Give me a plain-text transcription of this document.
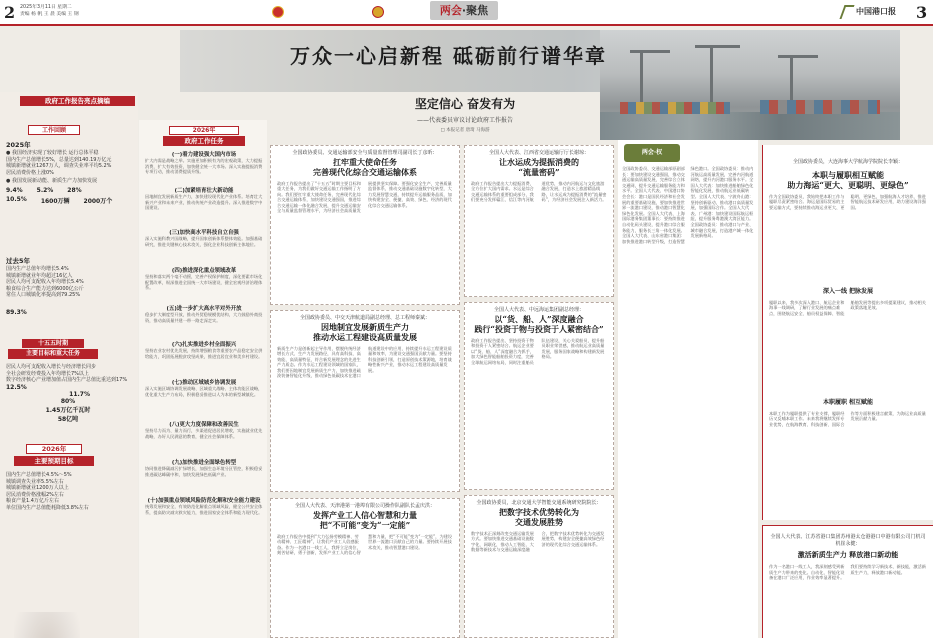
2 2025年3月11日 星期二
责编 杨 帆 王 晨 美编 王 钢	两会·聚焦	中国港口报 3
万众一心启新程 砥砺前行谱华章
政府工作报告亮点摘编
工作回顾
2025年
● 我国经济实现了较好增长 运行总体平稳
国内生产总值增长5%，总量达到140.19万亿元
城镇新增就业1267万人，调查失业率平均5.2%
居民消费价格上涨0%
● 我国发展新动能、新质生产力加快发展
9.4% 5.2% 28%
10.5% 1600万辆 2000万个
过去5年
国内生产总值年均增长5.4%
城镇新增就业年均超过16亿人
居民人均可支配收入年均增长5.4%
粮食综合生产能力达到6000亿公斤
常住人口城镇化率提高到79.25%
89.3%
十五五时期
主要目标和重大任务
居民人均可支配收入增长与经济增长同步
全社会研发经费投入年均增长7%以上
数字经济核心产业增加值占国内生产总值比重达到17%
12.5%
11.7%
80%
1.45万亿千瓦时
58亿吨
2026年
主要预期目标
国内生产总值增长4.5%～5%
城镇调查失业率5.5%左右
城镇新增就业1200万人以上
居民消费价格涨幅2%左右
粮食产量1.4万亿斤左右
单位国内生产总值能耗降低3.8%左右
2026年
政府工作任务
(一)着力建设强大国内市场
扩大内需是战略之举。实施更加积极有为的宏观政策，大力提振消费，扩大有效投资，加快健全统一大市场。深入实施提振消费专项行动，推动消费提质升级。
(二)加紧培育壮大新动能
因地制宜发展新质生产力，加快建设现代化产业体系。培育壮大新兴产业和未来产业，推动传统产业改造提升。深入推进数字中国建设。
(三)加快高水平科技自立自强
深入实施科教兴国战略，提升国家创新体系整体效能。加强基础研究，推进关键核心技术攻关，强化企业科技创新主体地位。
(四)推进深化重点领域改革
坚持和落实两个毫不动摇，完善产权保护制度，深化要素市场化配置改革，纵深推进全国统一大市场建设，健全宏观经济治理体系。
(五)进一步扩大高水平对外开放
稳步扩大制度型开放，推动外贸稳规模优结构，大力鼓励外商投资，推动高质量共建一带一路走深走实。
(六)扎实推进乡村全面振兴
坚持农业农村优先发展，持续增强粮食等重要农产品稳定安全供给能力，巩固拓展脱贫攻坚成果，推进宜居宜业和美乡村建设。
(七)推动区域城乡协调发展
深入实施区域协调发展战略、区域重大战略、主体功能区战略，优化重大生产力布局，积极稳妥推进以人为本的新型城镇化。
(八)更大力度保障和改善民生
坚持尽力而为、量力而行，多渠道促进居民增收，实施就业优先战略，办好人民满意的教育，健全社会保障体系。
(九)加快推进全面绿色转型
协同推进降碳减污扩绿增长，加强生态环境分区管控，积极稳妥推进碳达峰碳中和，加快发展绿色低碳产业。
(十)加强重点领域风险防范化解和安全能力建设
统筹发展和安全，有效防范化解重点领域风险，健全公共安全体系，提高防灾减灾救灾能力，推进国家安全体系和能力现代化。
坚定信心 奋发有为
——代表委员审议讨论政府工作报告
□ 本报记者 唐琦 马海游
全国政协委员、交通运输部安全与质量监督管理司副司长丁彦昕：
扛牢重大使命任务
完善现代化综合交通运输体系
政府工作报告提出了“十五五”时期主要目标和重大任务，为我们做好交通运输工作指明了方向。我们要扛牢重大使命任务，完善现代化综合交通运输体系，加快建设交通强国，推进综合交通运输一体化融合发展，提升交通运输安全与质量监督管理水平，为经济社会高质量发展提供坚实保障。要强化安全生产，完善质量监督体系，推动交通基础设施数字化转型，大力发展智慧交通，持续提升运输服务品质，加快构建安全、便捷、高效、绿色、经济的现代化综合交通运输体系。
全国政协委员、中交天津航道局副总经理、总工程师秦斌：
因地制宜发展新质生产力
推动水运工程建设高质量发展
新质生产力是创新起主导作用，摆脱传统经济增长方式、生产力发展路径，具有高科技、高效能、高质量特征，符合新发展理念的先进生产力质态。作为水运工程建设领域的国家队，我们要因地制宜发展新质生产力，加快推进疏浚装备智能化升级，推动绿色低碳技术在港口航道建设中的应用，持续提升水运工程建设质量和效率，为建设交通强国贡献力量。要坚持科技创新引领，打造原创技术策源地，培育战略性新兴产业，推动水运工程建设高质量发展。
全国人大代表、天津港第一港埠有限公司操作队副队长孟庆洪：
发挥产业工人信心智慧和力量
把“不可能”变为“一定能”
政府工作报告中提到“大力弘扬劳模精神、劳动精神、工匠精神”，让我们产业工人倍感振奋。作为一名港口一线工人，我将立足岗位，刻苦钻研，勇于创新，发挥产业工人的信心智慧和力量，把“不可能”变为“一定能”，为建设世界一流港口贡献自己的力量。要持续开展技术攻关，推动智慧港口建设。
全国人大代表、江西省交通运输厅厅长谢琼：
让水运成为提振消费的
“流量密码”
政府工作报告提出大力提振消费，全方位扩大国内需求。水运是综合交通运输体系的重要组成部分，我们要充分发挥赣江、信江等内河航道优势，推动内河航运与文化旅游融合发展，打造水上旅游精品线路，让水运成为提振消费的“流量密码”，为经济社会发展注入新活力。
全国人大代表、中远海运集团副总经理：
以“货、船、人”深度融合
践行“投资于物与投资于人紧密结合”
政府工作报告提出，坚持投资于物和投资于人紧密结合。航运企业要以“货、船、人”深度融合为抓手，加大绿色智能船舶投资力度，完善全球航运网络布局，同时注重船员队伍建设，关心关爱船员，提升船员职业荣誉感，推动航运业高质量发展，服务国家战略和构建新发展格局。
全国政协委员，北京交通大学智能交通系统研究院院长：
把数字技术优势转化为
交通发展胜势
数字技术正深刻改变交通运输发展方式。要加快推进交通基础设施数字化、网联化，推动人工智能、大数据等新技术与交通运输深度融合，把数字技术优势转化为交通发展胜势，构建安全便捷高效绿色经济的现代化综合交通运输体系。
两会·权
全国政协委员、交通运输部原副部长：要加快建设交通强国，推动交通运输高质量发展，完善综合立体交通网，提升交通运输服务能力和水平。全国人大代表、中国港口协会会长：港口是国民经济和社会发展的重要基础设施，要加快推进世界一流港口建设，推动港口智慧化绿色化发展。全国人大代表、上海国际港务集团董事长：要持续推进自动化码头建设，提升港口综合服务能力，服务长三角一体化发展。全国人大代表、山东省港口集团：加快推进港口转型升级，打造智慧绿色港口。全国政协委员：推动内河航运高质量发展，完善内河航道网络，提升内河港口服务水平。全国人大代表：加快推进船舶绿色化智能化发展，推动航运业低碳转型。全国人大代表、宁波舟山港：坚持创新驱动，推动港口高质量发展，加强国际合作。全国人大代表、广州港：加快建设国际航运枢纽，提升服务粤港澳大湾区能力。全国政协委员：推动港口与产业、城市融合发展，打造港产城一体化发展新格局。
全国政协委员，大连海事大学航海学院院长李颖：
本职与履职相互赋能
助力海运“更大、更聪明、更绿色”
作为全国政协委员，我始终把本职工作与履职尽责紧密结合。海运是国际贸易的主要运输方式，要持续推动海运业更大、更聪明、更绿色，加强航海人才培养，推进智能航运技术研发应用，助力建设海洋强国。
深入一线 把脉发展
履职以来，我多次深入港口、航运企业和海事一线调研，了解行业发展的痛点难点，围绕航运安全、船员权益保障、智能船舶发展等提出多项提案建议，推动相关政策落地见效。
本职履职 相互赋能
本职工作为履职提供了专业支撑，履职经历又反哺本职工作。未来我将继续发挥专业优势，在航海教育、科技创新、国际合作等方面积极建言献策，为海运业高质量发展贡献力量。
全国人大代表、江苏省港口集团苏州港太仓港港口中港有限公司门机司机崔永健：
激活新质生产力 释放港口新动能
作为一名港口一线工人，我深刻感受到新质生产力带来的变化。自动化、智能化设备在港口广泛应用，作业效率显著提升。我们要持续学习新技术、新技能，激活新质生产力，释放港口新动能。
